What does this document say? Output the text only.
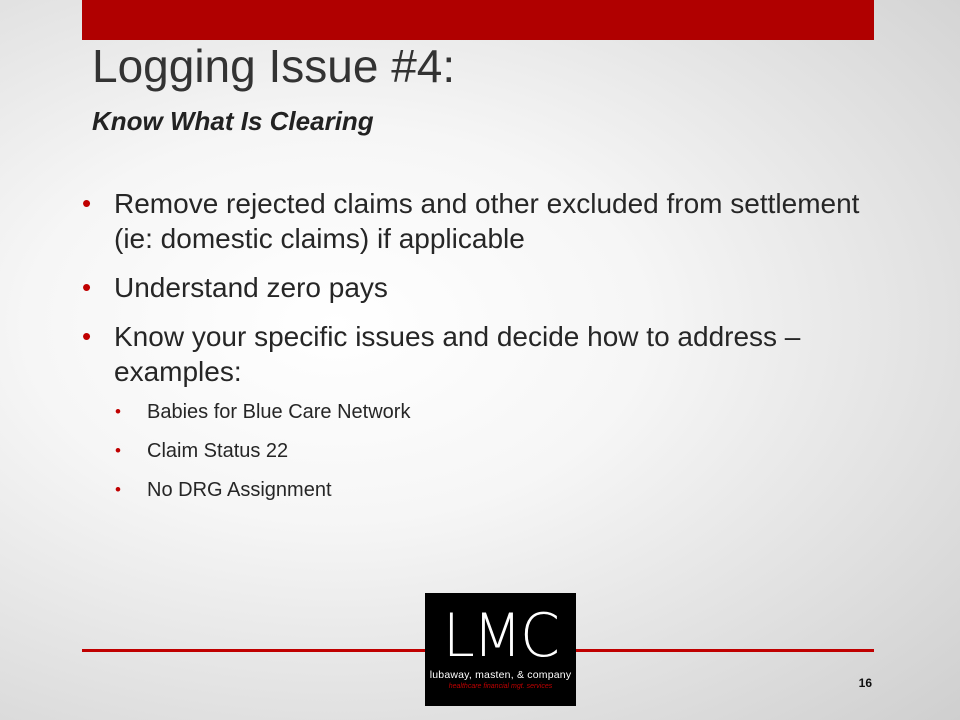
Logging Issue #4:
Know What Is Clearing
• Remove rejected claims and other excluded from settlement (ie: domestic claims) if applicable
• Understand zero pays
• Know your specific issues and decide how to address – examples:
• Babies for Blue Care Network
• Claim Status 22
• No DRG Assignment
LMC
lubaway, masten, & company
healthcare financial mgt. services	16
